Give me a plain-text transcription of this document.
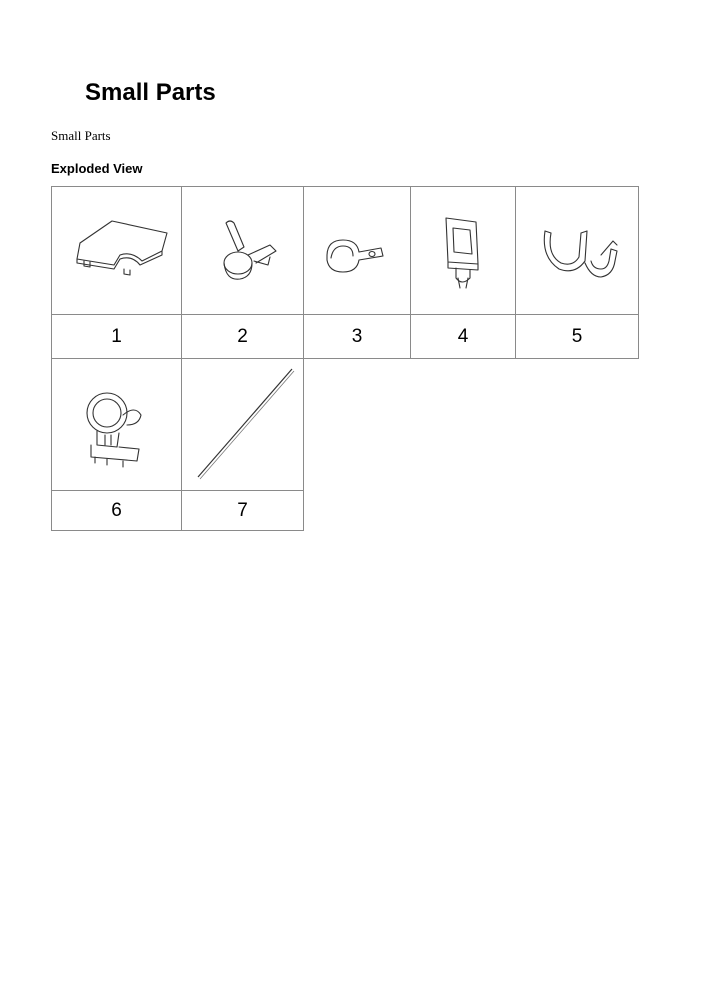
Small Parts

Small Parts

Exploded View

1	2	3	4	5

6	7
